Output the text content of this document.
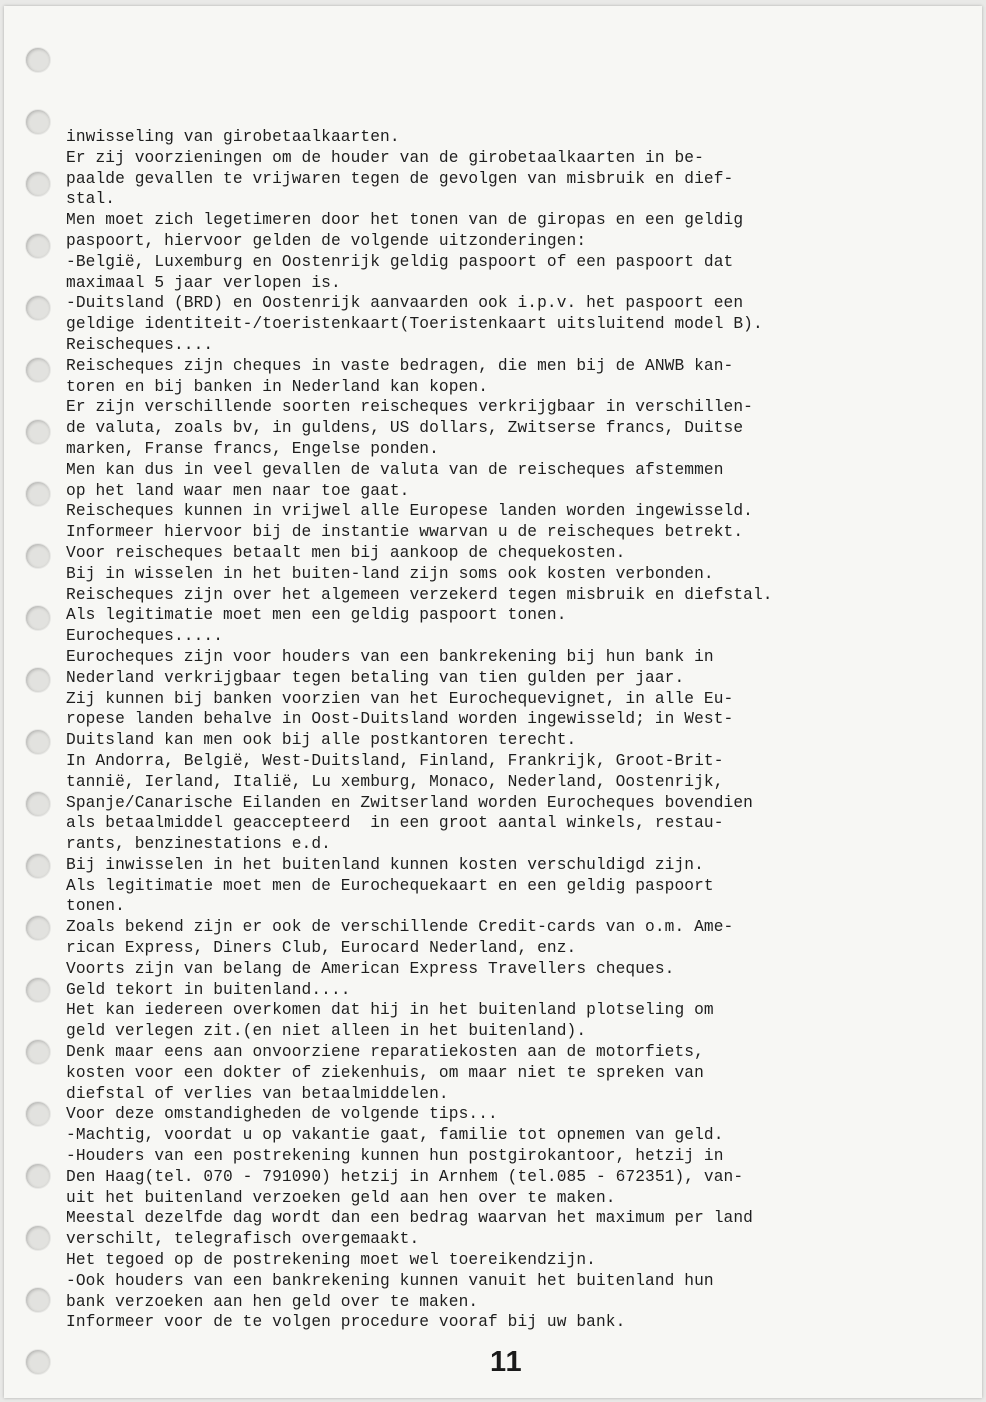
inwisseling van girobetaalkaarten.
Er zij voorzieningen om de houder van de girobetaalkaarten in be-
paalde gevallen te vrijwaren tegen de gevolgen van misbruik en dief-
stal.
Men moet zich legetimeren door het tonen van de giropas en een geldig
paspoort, hiervoor gelden de volgende uitzonderingen:
-België, Luxemburg en Oostenrijk geldig paspoort of een paspoort dat
maximaal 5 jaar verlopen is.
-Duitsland (BRD) en Oostenrijk aanvaarden ook i.p.v. het paspoort een
geldige identiteit-/toeristenkaart(Toeristenkaart uitsluitend model B).
Reischeques....
Reischeques zijn cheques in vaste bedragen, die men bij de ANWB kan-
toren en bij banken in Nederland kan kopen.
Er zijn verschillende soorten reischeques verkrijgbaar in verschillen-
de valuta, zoals bv, in guldens, US dollars, Zwitserse francs, Duitse
marken, Franse francs, Engelse ponden.
Men kan dus in veel gevallen de valuta van de reischeques afstemmen
op het land waar men naar toe gaat.
Reischeques kunnen in vrijwel alle Europese landen worden ingewisseld.
Informeer hiervoor bij de instantie wwarvan u de reischeques betrekt.
Voor reischeques betaalt men bij aankoop de chequekosten.
Bij in wisselen in het buiten-land zijn soms ook kosten verbonden.
Reischeques zijn over het algemeen verzekerd tegen misbruik en diefstal.
Als legitimatie moet men een geldig paspoort tonen.
Eurocheques.....
Eurocheques zijn voor houders van een bankrekening bij hun bank in
Nederland verkrijgbaar tegen betaling van tien gulden per jaar.
Zij kunnen bij banken voorzien van het Eurochequevignet, in alle Eu-
ropese landen behalve in Oost-Duitsland worden ingewisseld; in West-
Duitsland kan men ook bij alle postkantoren terecht.
In Andorra, België, West-Duitsland, Finland, Frankrijk, Groot-Brit-
tannië, Ierland, Italië, Lu xemburg, Monaco, Nederland, Oostenrijk,
Spanje/Canarische Eilanden en Zwitserland worden Eurocheques bovendien
als betaalmiddel geaccepteerd  in een groot aantal winkels, restau-
rants, benzinestations e.d.
Bij inwisselen in het buitenland kunnen kosten verschuldigd zijn.
Als legitimatie moet men de Eurochequekaart en een geldig paspoort
tonen.
Zoals bekend zijn er ook de verschillende Credit-cards van o.m. Ame-
rican Express, Diners Club, Eurocard Nederland, enz.
Voorts zijn van belang de American Express Travellers cheques.
Geld tekort in buitenland....
Het kan iedereen overkomen dat hij in het buitenland plotseling om
geld verlegen zit.(en niet alleen in het buitenland).
Denk maar eens aan onvoorziene reparatiekosten aan de motorfiets,
kosten voor een dokter of ziekenhuis, om maar niet te spreken van
diefstal of verlies van betaalmiddelen.
Voor deze omstandigheden de volgende tips...
-Machtig, voordat u op vakantie gaat, familie tot opnemen van geld.
-Houders van een postrekening kunnen hun postgirokantoor, hetzij in
Den Haag(tel. 070 - 791090) hetzij in Arnhem (tel.085 - 672351), van-
uit het buitenland verzoeken geld aan hen over te maken.
Meestal dezelfde dag wordt dan een bedrag waarvan het maximum per land
verschilt, telegrafisch overgemaakt.
Het tegoed op de postrekening moet wel toereikendzijn.
-Ook houders van een bankrekening kunnen vanuit het buitenland hun
bank verzoeken aan hen geld over te maken.
Informeer voor de te volgen procedure vooraf bij uw bank.
11
